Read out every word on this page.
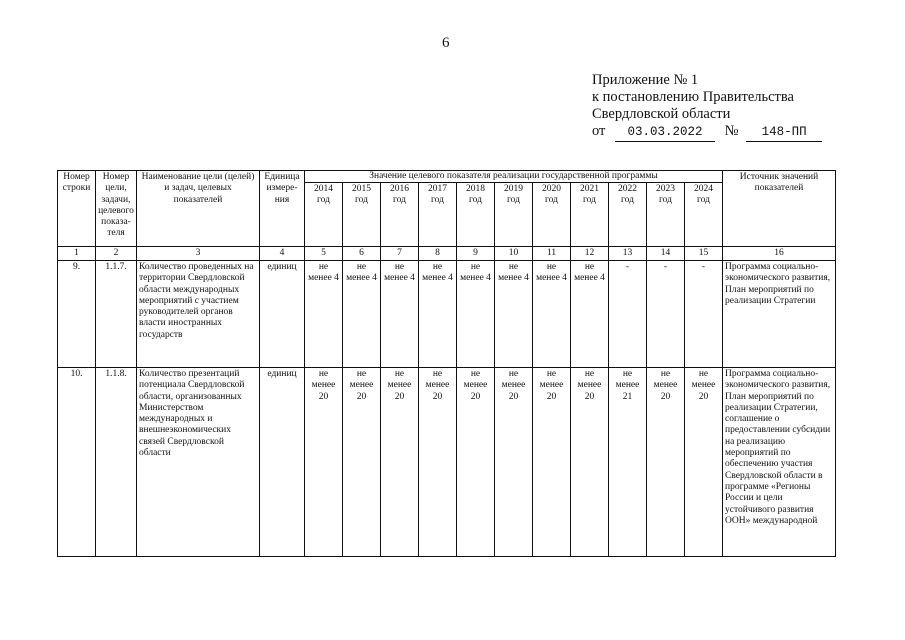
6
Приложение № 1
к постановлению Правительства
Свердловской области
от 03.03.2022 № 148-ПП
Номер строки	Номер цели, задачи, целевого показа-теля	Наименование цели (целей) и задач, целевых показателей	Единица измере-ния	Значение целевого показателя реализации государственной программы											Источник значений показателей
				2014 год	2015 год	2016 год	2017 год	2018 год	2019 год	2020 год	2021 год	2022 год	2023 год	2024 год	
1	2	3	4	5	6	7	8	9	10	11	12	13	14	15	16
9.	1.1.7.	Количество проведенных на территории Свердловской области международных мероприятий с участием руководителей органов власти иностранных государств	единиц	не менее 4	не менее 4	не менее 4	не менее 4	не менее 4	не менее 4	не менее 4	не менее 4	-	-	-	Программа социально-экономического развития, План мероприятий по реализации Стратегии
10.	1.1.8.	Количество презентаций потенциала Свердловской области, организованных Министерством международных и внешнеэкономических связей Свердловской области	единиц	не менее 20	не менее 20	не менее 20	не менее 20	не менее 20	не менее 20	не менее 20	не менее 20	не менее 21	не менее 20	не менее 20	Программа социально-экономического развития, План мероприятий по реализации Стратегии, соглашение о предоставлении субсидии на реализацию мероприятий по обеспечению участия Свердловской области в программе «Регионы России и цели устойчивого развития ООН» международной
